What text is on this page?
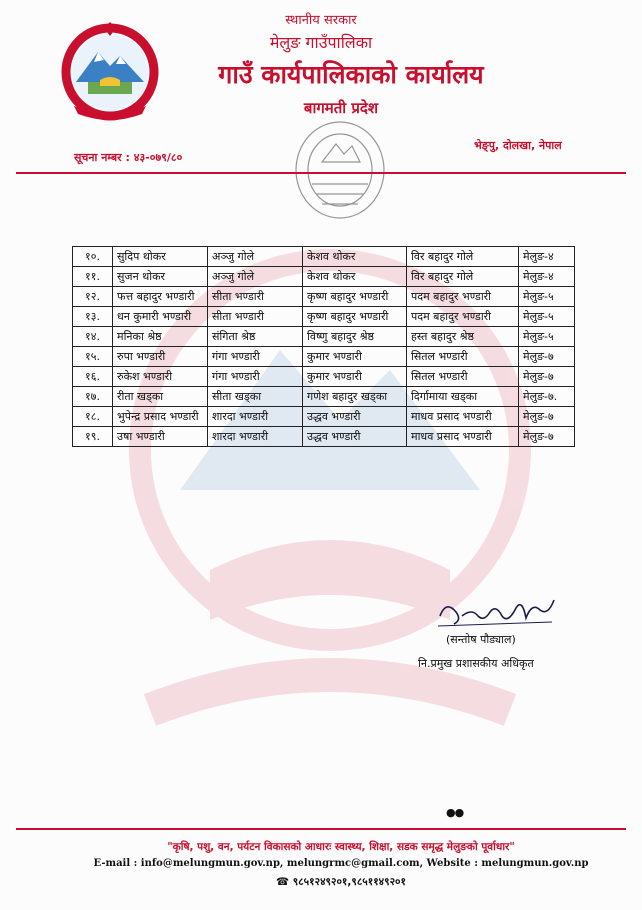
स्थानीय सरकार
मेलुङ गाउँपालिका
गाउँ कार्यपालिकाको कार्यालय
बागमती प्रदेश
सूचना नम्बर : ४३-०७९/८०
भेङ्पु, दोलखा, नेपाल
१०.	सुदिप थोकर	अञ्जु गोले	केशव थोकर	विर बहादुर गोले	मेलुङ-४
११.	सुजन थोकर	अञ्जु गोले	केशव थोकर	विर बहादुर गोले	मेलुङ-४
१२.	फत्त बहादुर भण्डारी	सीता भण्डारी	कृष्ण बहादुर भण्डारी	पदम बहादुर भण्डारी	मेलुङ-५
१३.	धन कुमारी भण्डारी	सीता भण्डारी	कृष्ण बहादुर भण्डारी	पदम बहादुर भण्डारी	मेलुङ-५
१४.	मनिका श्रेष्ठ	संगिता श्रेष्ठ	विष्णु बहादुर श्रेष्ठ	हस्त बहादुर श्रेष्ठ	मेलुङ-५
१५.	रुपा भण्डारी	गंगा भण्डारी	कुमार भण्डारी	सितल भण्डारी	मेलुङ-७
१६.	रुकेश भण्डारी	गंगा भण्डारी	कुमार भण्डारी	सितल भण्डारी	मेलुङ-७
१७.	रीता खड्का	सीता खड्का	गणेश बहादुर खड्का	दिर्गामाया खड्का	मेलुङ-७.
१८.	भुपेन्द्र प्रसाद भण्डारी	शारदा भण्डारी	उद्धव भण्डारी	माधव प्रसाद भण्डारी	मेलुङ-७
१९.	उषा भण्डारी	शारदा भण्डारी	उद्धव भण्डारी	माधव प्रसाद भण्डारी	मेलुङ-७
(सन्तोष पौड्याल)
नि.प्रमुख प्रशासकीय अधिकृत
●●
"कृषि, पशु, वन, पर्यटन विकासको आधारः स्वास्थ्य, शिक्षा, सडक समृद्ध मेलुङको पूर्वाधार"
E-mail : info@melungmun.gov.np, melungrmc@gmail.com, Website : melungmun.gov.np
☎ ९८५१२४९२०१,९८५११४९२०१
